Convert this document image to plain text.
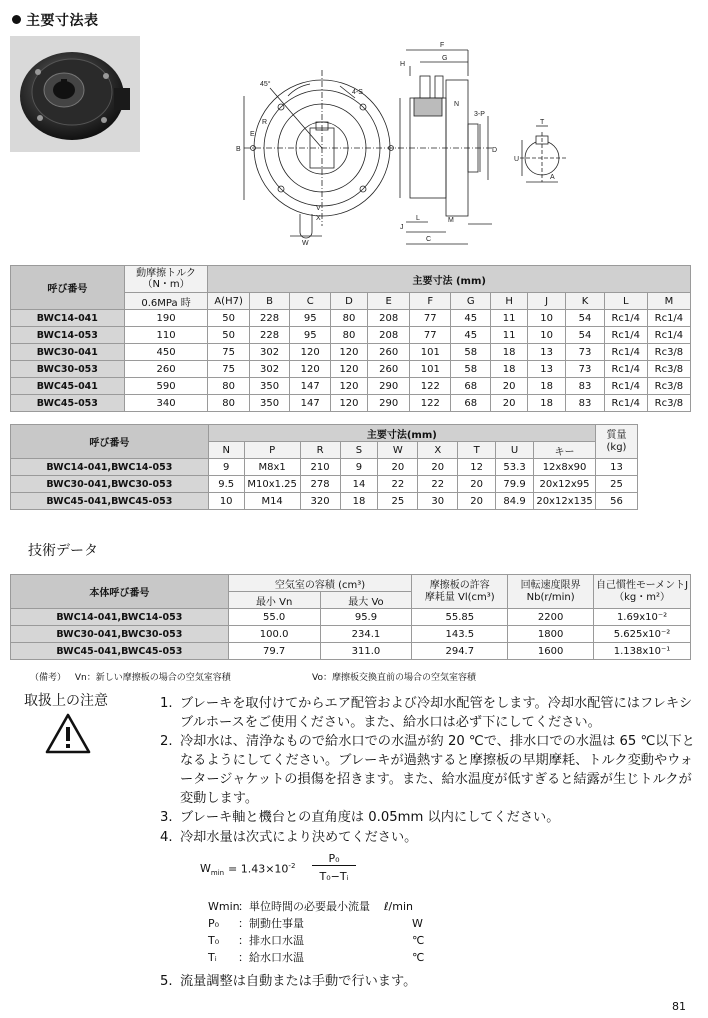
主要寸法表
45°
4-S
B
E
R
W
V
X
F
G
H
N
3-P
J
C
M
L
D
A
T
U
呼び番号	動摩擦トルク
（N・m）	主要寸法 (mm)											
	0.6MPa 時	A(H7)	B	C	D	E	F	G	H	J	K	L	M
BWC14-041	190	50	228	95	80	208	77	45	11	10	54	Rc1/4	Rc1/4
BWC14-053	110	50	228	95	80	208	77	45	11	10	54	Rc1/4	Rc1/4
BWC30-041	450	75	302	120	120	260	101	58	18	13	73	Rc1/4	Rc3/8
BWC30-053	260	75	302	120	120	260	101	58	18	13	73	Rc1/4	Rc3/8
BWC45-041	590	80	350	147	120	290	122	68	20	18	83	Rc1/4	Rc3/8
BWC45-053	340	80	350	147	120	290	122	68	20	18	83	Rc1/4	Rc3/8
呼び番号	主要寸法(mm)									質量
(kg)
	N	P	R	S	W	X	T	U	キー	
BWC14-041,BWC14-053	9	M8x1	210	9	20	20	12	53.3	12x8x90	13
BWC30-041,BWC30-053	9.5	M10x1.25	278	14	22	22	20	79.9	20x12x95	25
BWC45-041,BWC45-053	10	M14	320	18	25	30	20	84.9	20x12x135	56
技術データ
本体呼び番号	空気室の容積 (cm³)		摩擦板の許容
摩耗量 Vl(cm³)	回転速度限界
Nb(r/min)	自己慣性モーメントJ
（kg・m²）
	最小 Vn	最大 Vo			
BWC14-041,BWC14-053	55.0	95.9	55.85	2200	1.69x10⁻²
BWC30-041,BWC30-053	100.0	234.1	143.5	1800	5.625x10⁻²
BWC45-041,BWC45-053	79.7	311.0	294.7	1600	1.138x10⁻¹
（備考） Vn：新しい摩擦板の場合の空気室容積	Vo：摩擦板交換直前の場合の空気室容積
取扱上の注意	1. ブレーキを取付けてからエア配管および冷却水配管をします。冷却水配管にはフレキシブルホースをご使用ください。また、給水口は必ず下にしてください。
2. 冷却水は、清浄なもので給水口での水温が約 20 ℃で、排水口での水温は 65 ℃以下となるようにしてください。ブレーキが過熱すると摩擦板の早期摩耗、トルク変動やウォータージャケットの損傷を招きます。また、給水温度が低すぎると結露が生じトルクが変動します。
3. ブレーキ軸と機台との直角度は 0.05mm 以内にしてください。
4. 冷却水量は次式により決めてください。
5. 流量調整は自動または手動で行います。
$W_{min} = 1.43\times 10^{-2}$
P₀
T₀−Tᵢ
Wmin
：単位時間の必要最小流量 ℓ/min
P₀ ：制動仕事量	W
T₀ ：排水口水温	℃
Tᵢ ：給水口水温	℃
81
